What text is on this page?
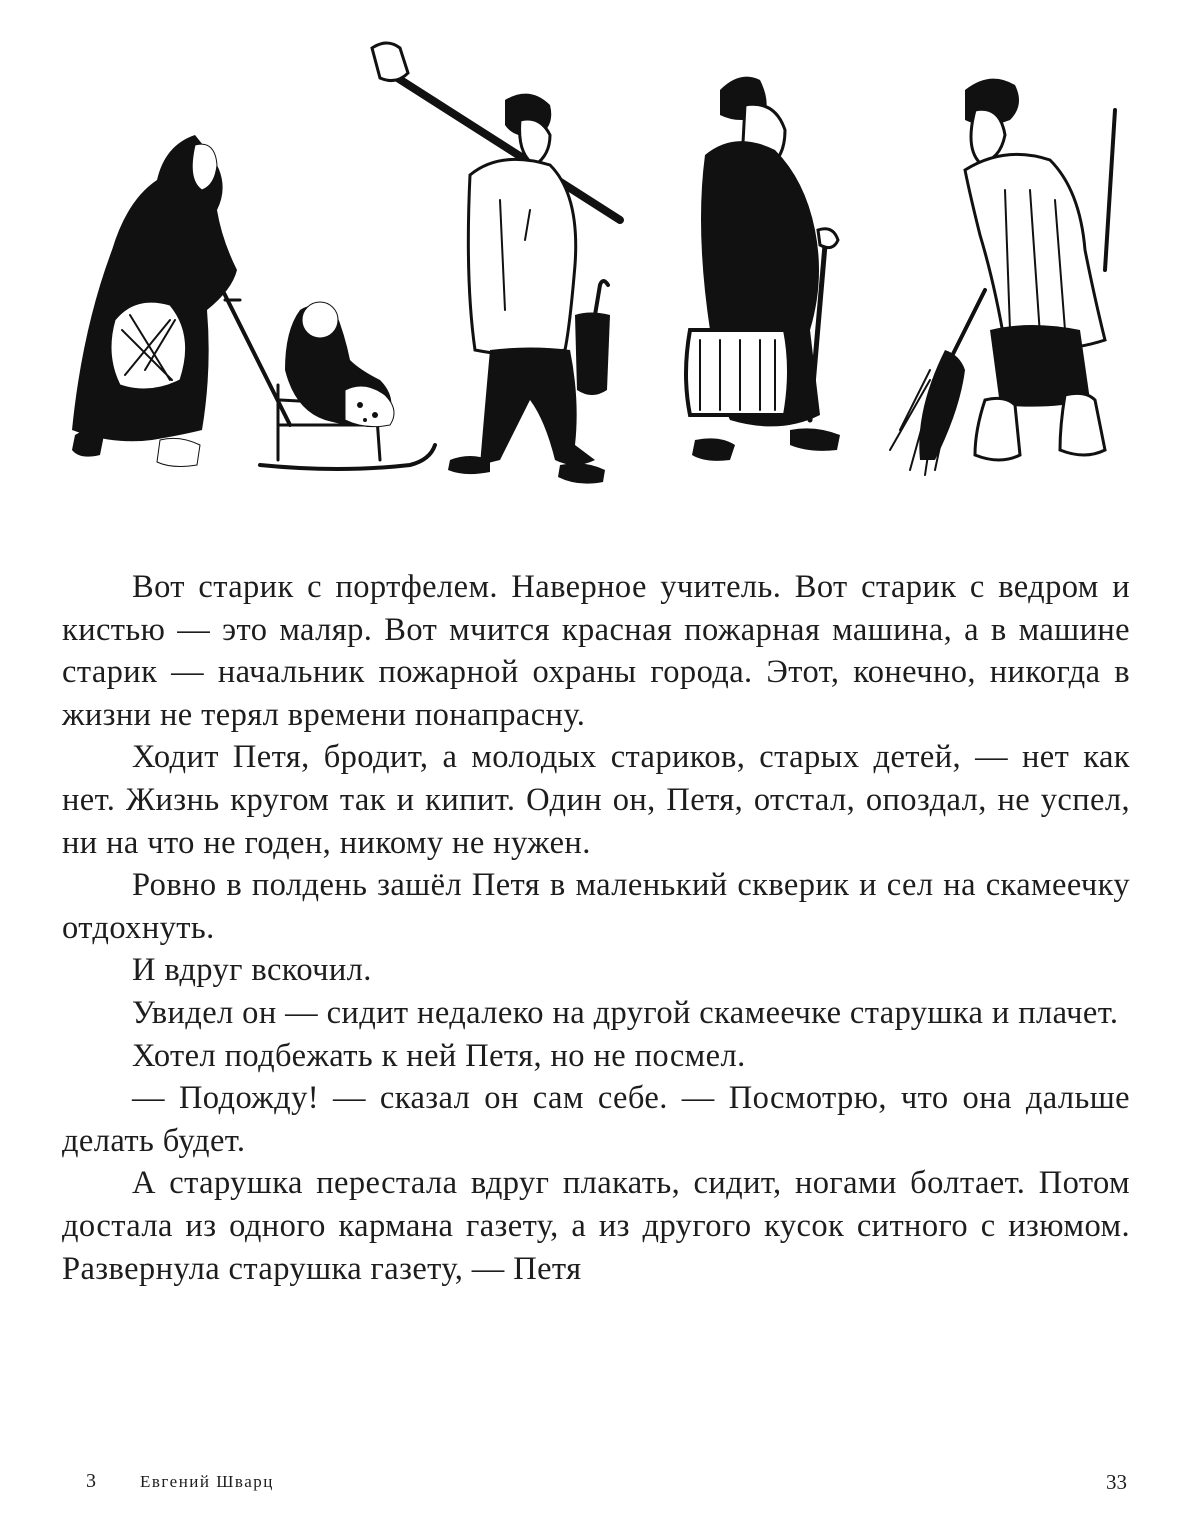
Вот старик с портфелем. Наверное учитель. Вот старик с ведром и кистью — это маляр. Вот мчится красная пожарная машина, а в машине старик — начальник пожарной охраны города. Этот, конечно, никогда в жизни не терял времени понапрасну.

Ходит Петя, бродит, а молодых стариков, старых детей, — нет как нет. Жизнь кругом так и кипит. Один он, Петя, отстал, опоздал, не успел, ни на что не годен, никому не нужен.

Ровно в полдень зашёл Петя в маленький скверик и сел на скамеечку отдохнуть.

И вдруг вскочил.

Увидел он — сидит недалеко на другой скамеечке старушка и плачет.

Хотел подбежать к ней Петя, но не посмел.

— Подожду! — сказал он сам себе. — Посмотрю, что она дальше делать будет.

А старушка перестала вдруг плакать, сидит, ногами болтает. Потом достала из одного кармана газету, а из другого кусок ситного с изюмом. Развернула старушка газету, — Петя

3	Евгений Шварц	33
